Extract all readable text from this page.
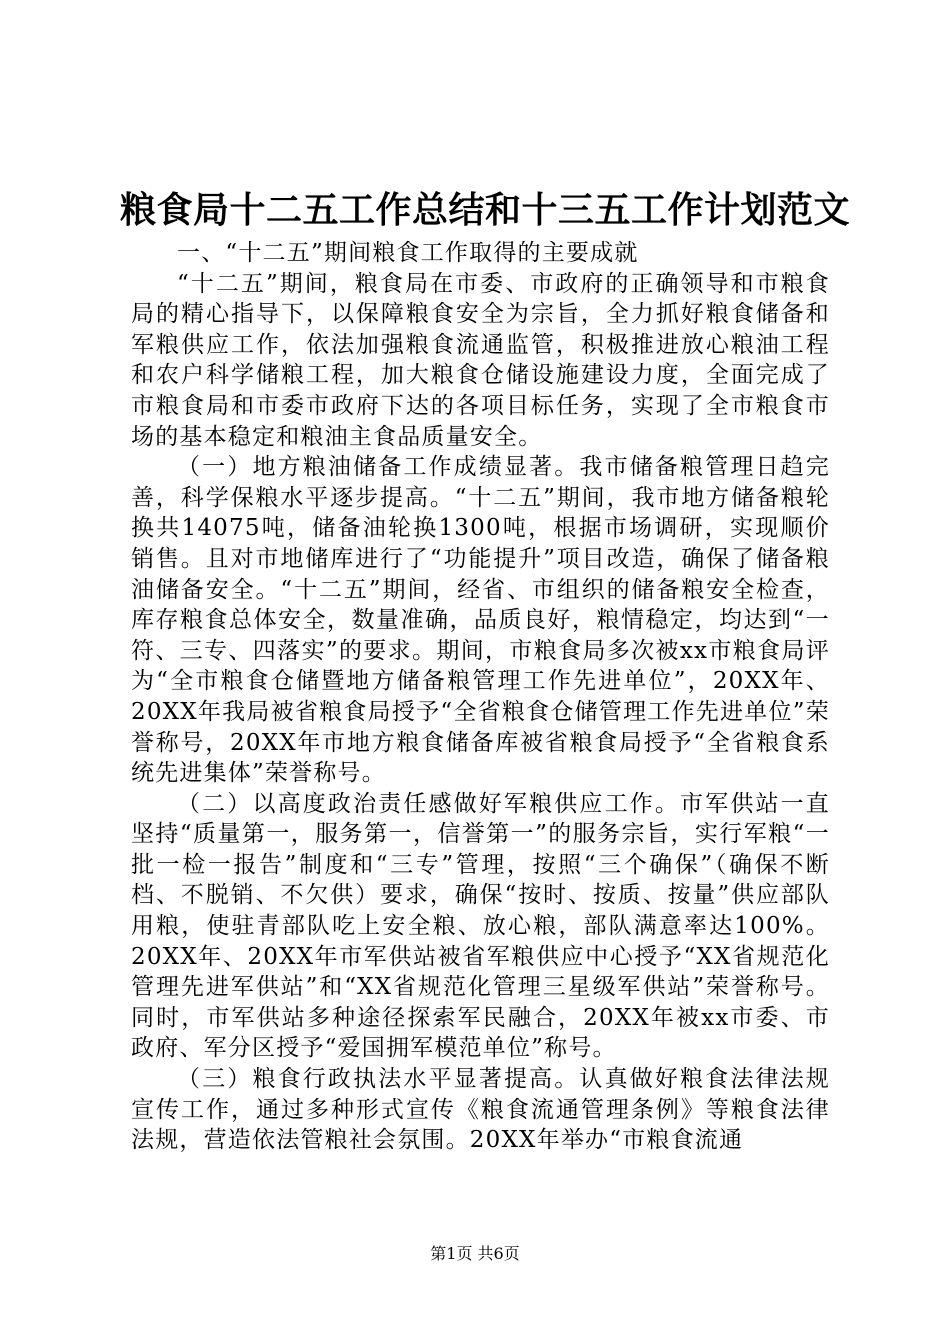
粮食局十二五工作总结和十三五工作计划范文

一、“十二五”期间粮食工作取得的主要成就

“十二五”期间，粮食局在市委、市政府的正确领导和市粮食局的精心指导下，以保障粮食安全为宗旨，全力抓好粮食储备和军粮供应工作，依法加强粮食流通监管，积极推进放心粮油工程和农户科学储粮工程，加大粮食仓储设施建设力度，全面完成了市粮食局和市委市政府下达的各项目标任务，实现了全市粮食市场的基本稳定和粮油主食品质量安全。

（一）地方粮油储备工作成绩显著。我市储备粮管理日趋完善，科学保粮水平逐步提高。“十二五”期间，我市地方储备粮轮换共14075吨，储备油轮换1300吨，根据市场调研，实现顺价销售。且对市地储库进行了“功能提升”项目改造，确保了储备粮油储备安全。“十二五”期间，经省、市组织的储备粮安全检查，库存粮食总体安全，数量准确，品质良好，粮情稳定，均达到“一符、三专、四落实”的要求。期间，市粮食局多次被xx市粮食局评为“全市粮食仓储暨地方储备粮管理工作先进单位”，20XX年、20XX年我局被省粮食局授予“全省粮食仓储管理工作先进单位”荣誉称号，20XX年市地方粮食储备库被省粮食局授予“全省粮食系统先进集体”荣誉称号。

（二）以高度政治责任感做好军粮供应工作。市军供站一直坚持“质量第一，服务第一，信誉第一”的服务宗旨，实行军粮“一批一检一报告”制度和“三专”管理，按照“三个确保”（确保不断档、不脱销、不欠供）要求，确保“按时、按质、按量”供应部队用粮，使驻青部队吃上安全粮、放心粮，部队满意率达100%。20XX年、20XX年市军供站被省军粮供应中心授予“XX省规范化管理先进军供站”和“XX省规范化管理三星级军供站”荣誉称号。同时，市军供站多种途径探索军民融合，20XX年被xx市委、市政府、军分区授予“爱国拥军模范单位”称号。

（三）粮食行政执法水平显著提高。认真做好粮食法律法规宣传工作，通过多种形式宣传《粮食流通管理条例》等粮食法律法规，营造依法管粮社会氛围。20XX年举办“市粮食流通

第1页 共6页
